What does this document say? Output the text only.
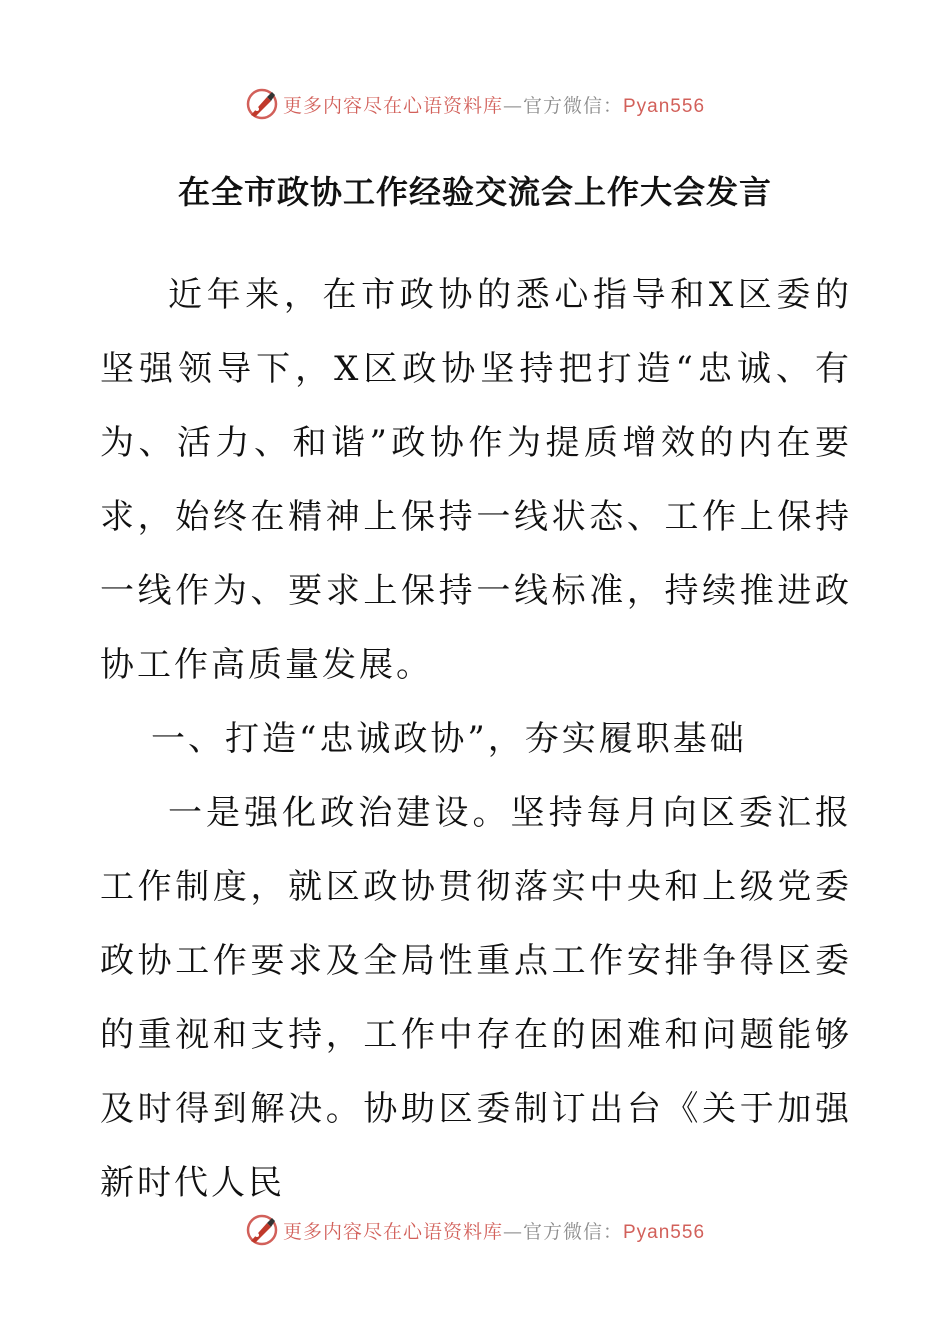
更多内容尽在心语资料库—官方微信：Pyan556
在全市政协工作经验交流会上作大会发言

近年来，在市政协的悉心指导和X区委的坚强领导下，X区政协坚持把打造“忠诚、有为、活力、和谐”政协作为提质增效的内在要求，始终在精神上保持一线状态、工作上保持一线作为、要求上保持一线标准，持续推进政协工作高质量发展。

一、打造“忠诚政协”，夯实履职基础

一是强化政治建设。坚持每月向区委汇报工作制度，就区政协贯彻落实中央和上级党委政协工作要求及全局性重点工作安排争得区委的重视和支持，工作中存在的困难和问题能够及时得到解决。协助区委制订出台《关于加强新时代人民

更多内容尽在心语资料库—官方微信：Pyan556
